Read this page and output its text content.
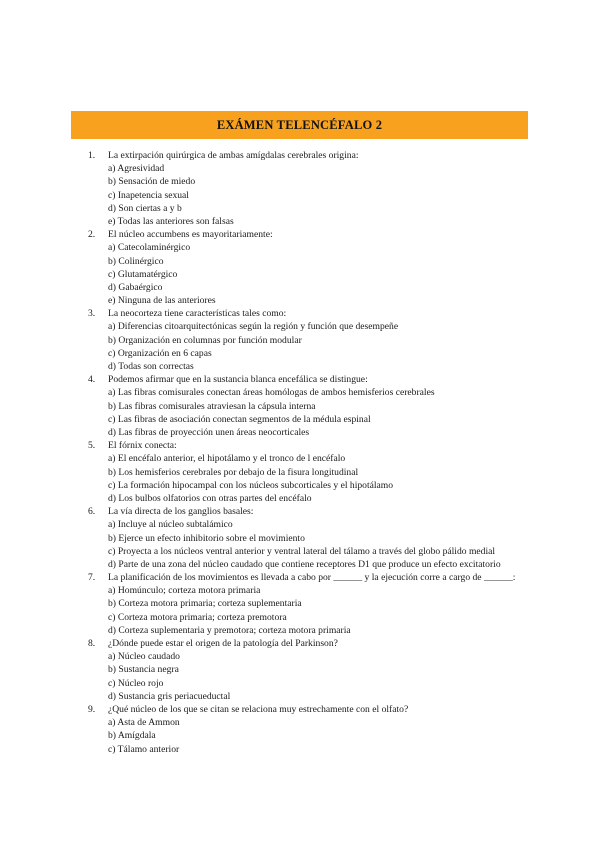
EXÁMEN TELENCÉFALO 2
1.	La extirpación quirúrgica de ambas amígdalas cerebrales origina:
a) Agresividad
b) Sensación de miedo
c) Inapetencia sexual
d) Son ciertas a y b
e) Todas las anteriores son falsas
2.	El núcleo accumbens es mayoritariamente:
a) Catecolaminérgico
b) Colinérgico
c) Glutamatérgico
d) Gabaérgico
e) Ninguna de las anteriores
3.	La neocorteza tiene características tales como:
a) Diferencias citoarquitectónicas según la región y función que desempeñe
b) Organización en columnas por función modular
c) Organización en 6 capas
d) Todas son correctas
4.	Podemos afirmar que en la sustancia blanca encefálica se distingue:
a) Las fibras comisurales conectan áreas homólogas de ambos hemisferios cerebrales
b) Las fibras comisurales atraviesan la cápsula interna
c) Las fibras de asociación conectan segmentos de la médula espinal
d) Las fibras de proyección unen áreas neocorticales
5.	El fórnix conecta:
a) El encéfalo anterior, el hipotálamo y el tronco de l encéfalo
b) Los hemisferios cerebrales por debajo de la fisura longitudinal
c) La formación hipocampal con los núcleos subcorticales y el hipotálamo
d) Los bulbos olfatorios con otras partes del encéfalo
6.	La vía directa de los ganglios basales:
a) Incluye al núcleo subtalámico
b) Ejerce un efecto inhibitorio sobre el movimiento
c) Proyecta a los núcleos ventral anterior y ventral lateral del tálamo a través del globo pálido medial
d) Parte de una zona del núcleo caudado que contiene receptores D1 que produce un efecto excitatorio
7.	La planificación de los movimientos es llevada a cabo por ______ y la ejecución corre a cargo de ______:
a) Homúnculo; corteza motora primaria
b) Corteza motora primaria; corteza suplementaria
c) Corteza motora primaria; corteza premotora
d) Corteza suplementaria y premotora; corteza motora primaria
8.	¿Dónde puede estar el origen de la patología del Parkinson?
a) Núcleo caudado
b) Sustancia negra
c) Núcleo rojo
d) Sustancia gris periacueductal
9.	¿Qué núcleo de los que se citan se relaciona muy estrechamente con el olfato?
a) Asta de Ammon
b) Amígdala
c) Tálamo anterior
